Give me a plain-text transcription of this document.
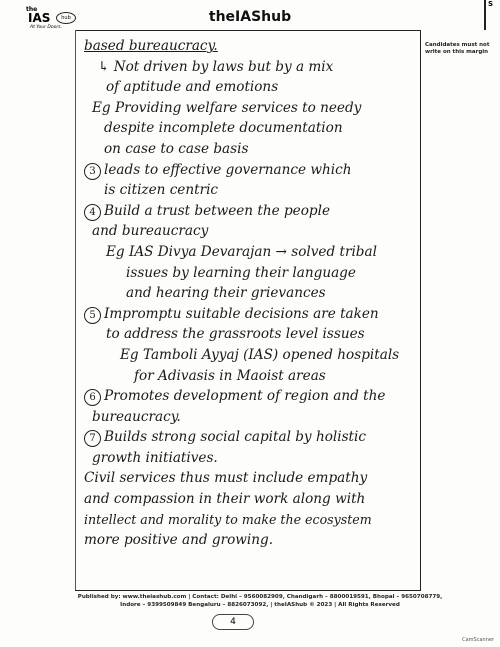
the
IAS	hub
At Your Doors.
theIAShub
S
Candidates must not write on this margin
based bureaucracy.
↳ Not driven by laws but by a mix
of aptitude and emotions
Eg Providing welfare services to needy
despite incomplete documentation
on case to case basis
3 leads to effective governance which
is citizen centric
4 Build a trust between the people
and bureaucracy
Eg IAS Divya Devarajan → solved tribal
issues by learning their language
and hearing their grievances
5 Impromptu suitable decisions are taken
to address the grassroots level issues
Eg Tamboli Ayyaj (IAS) opened hospitals
for Adivasis in Maoist areas
6 Promotes development of region and the
bureaucracy.
7 Builds strong social capital by holistic
growth initiatives.
Civil services thus must include empathy
and compassion in their work along with
intellect and morality to make the ecosystem
more positive and growing.
Published by: www.theiashub.com | Contact: Delhi – 9560082909, Chandigarh – 8800019591, Bhopal – 9650708779,
Indore – 9399509849 Bengaluru – 8826073092, | theIAShub © 2023 | All Rights Reserved
4
CamScanner
